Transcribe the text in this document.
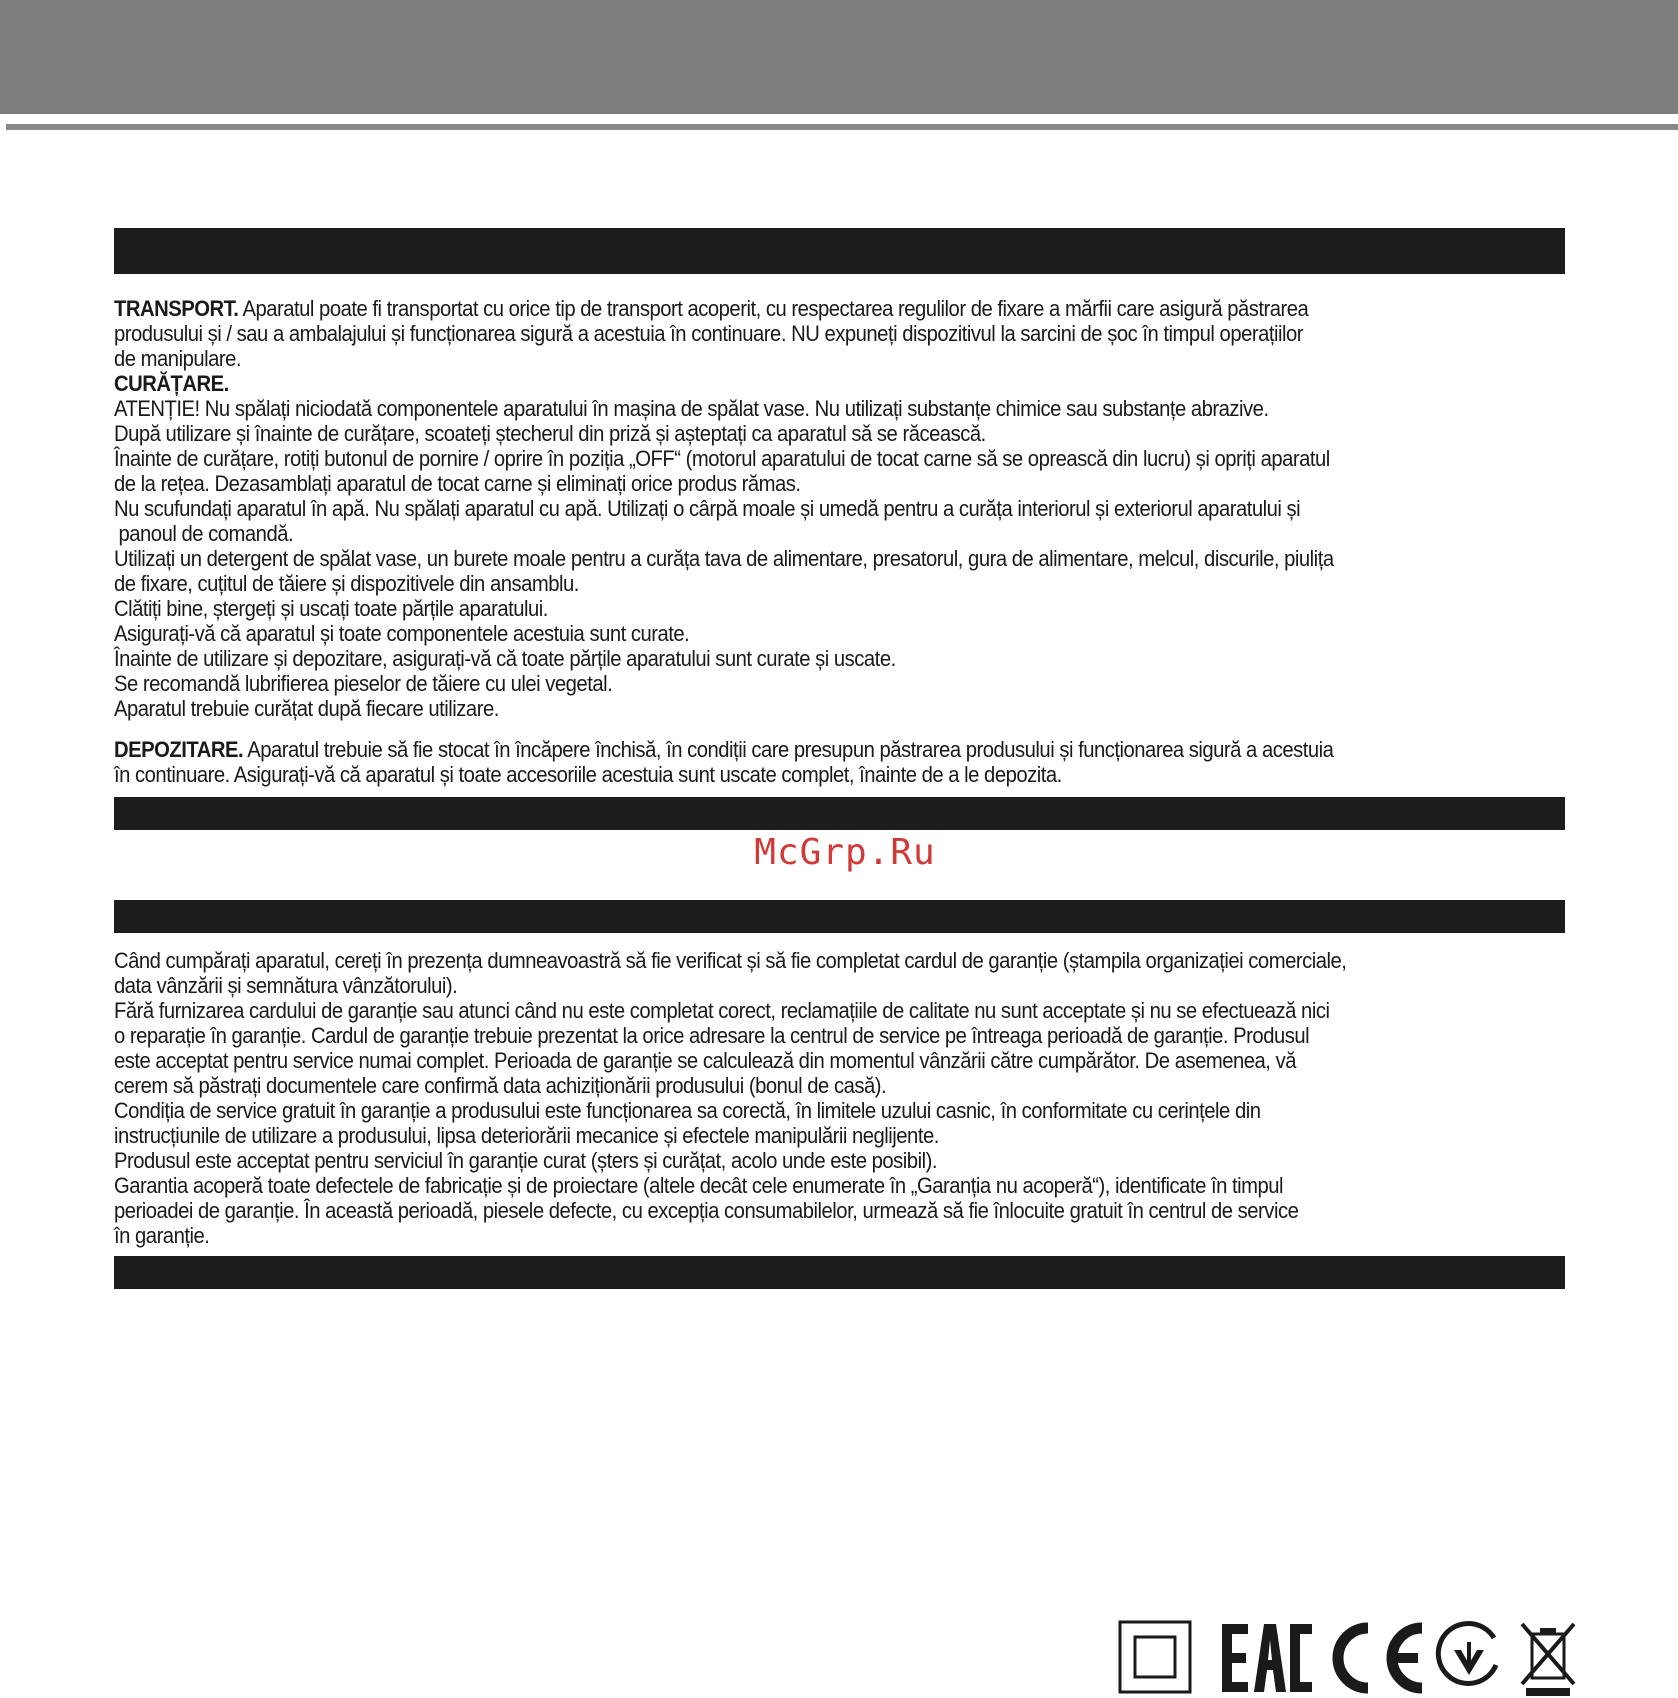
TRANSPORT. Aparatul poate fi transportat cu orice tip de transport acoperit, cu respectarea regulilor de fixare a mărfii care asigură păstrarea

produsului și / sau a ambalajului și funcționarea sigură a acestuia în continuare. NU expuneți dispozitivul la sarcini de șoc în timpul operațiilor

de manipulare.

CURĂȚARE.

ATENȚIE! Nu spălați niciodată componentele aparatului în mașina de spălat vase. Nu utilizați substanțe chimice sau substanțe abrazive.

După utilizare și înainte de curățare, scoateți ștecherul din priză și așteptați ca aparatul să se răcească.

Înainte de curățare, rotiți butonul de pornire / oprire în poziția „OFF“ (motorul aparatului de tocat carne să se oprească din lucru) și opriți aparatul

de la rețea. Dezasamblați aparatul de tocat carne și eliminați orice produs rămas.

Nu scufundați aparatul în apă. Nu spălați aparatul cu apă. Utilizați o cârpă moale și umedă pentru a curăța interiorul și exteriorul aparatului și

panoul de comandă.

Utilizați un detergent de spălat vase, un burete moale pentru a curăța tava de alimentare, presatorul, gura de alimentare, melcul, discurile, piulița

de fixare, cuțitul de tăiere și dispozitivele din ansamblu.

Clătiți bine, ștergeți și uscați toate părțile aparatului.

Asigurați-vă că aparatul și toate componentele acestuia sunt curate.

Înainte de utilizare și depozitare, asigurați-vă că toate părțile aparatului sunt curate și uscate.

Se recomandă lubrifierea pieselor de tăiere cu ulei vegetal.

Aparatul trebuie curățat după fiecare utilizare.

DEPOZITARE. Aparatul trebuie să fie stocat în încăpere închisă, în condiții care presupun păstrarea produsului și funcționarea sigură a acestuia

în continuare. Asigurați-vă că aparatul și toate accesoriile acestuia sunt uscate complet, înainte de a le depozita.

McGrp.Ru

Când cumpărați aparatul, cereți în prezența dumneavoastră să fie verificat și să fie completat cardul de garanție (ștampila organizației comerciale,

data vânzării și semnătura vânzătorului).

Fără furnizarea cardului de garanție sau atunci când nu este completat corect, reclamațiile de calitate nu sunt acceptate și nu se efectuează nici

o reparație în garanție. Cardul de garanție trebuie prezentat la orice adresare la centrul de service pe întreaga perioadă de garanție. Produsul

este acceptat pentru service numai complet. Perioada de garanție se calculează din momentul vânzării către cumpărător. De asemenea, vă

cerem să păstrați documentele care confirmă data achiziționării produsului (bonul de casă).

Condiția de service gratuit în garanție a produsului este funcționarea sa corectă, în limitele uzului casnic, în conformitate cu cerințele din

instrucțiunile de utilizare a produsului, lipsa deteriorării mecanice și efectele manipulării neglijente.

Produsul este acceptat pentru serviciul în garanție curat (șters și curățat, acolo unde este posibil).

Garantia acoperă toate defectele de fabricație și de proiectare (altele decât cele enumerate în „Garanția nu acoperă“), identificate în timpul

perioadei de garanție. În această perioadă, piesele defecte, cu excepția consumabilelor, urmează să fie înlocuite gratuit în centrul de service

în garanție.
